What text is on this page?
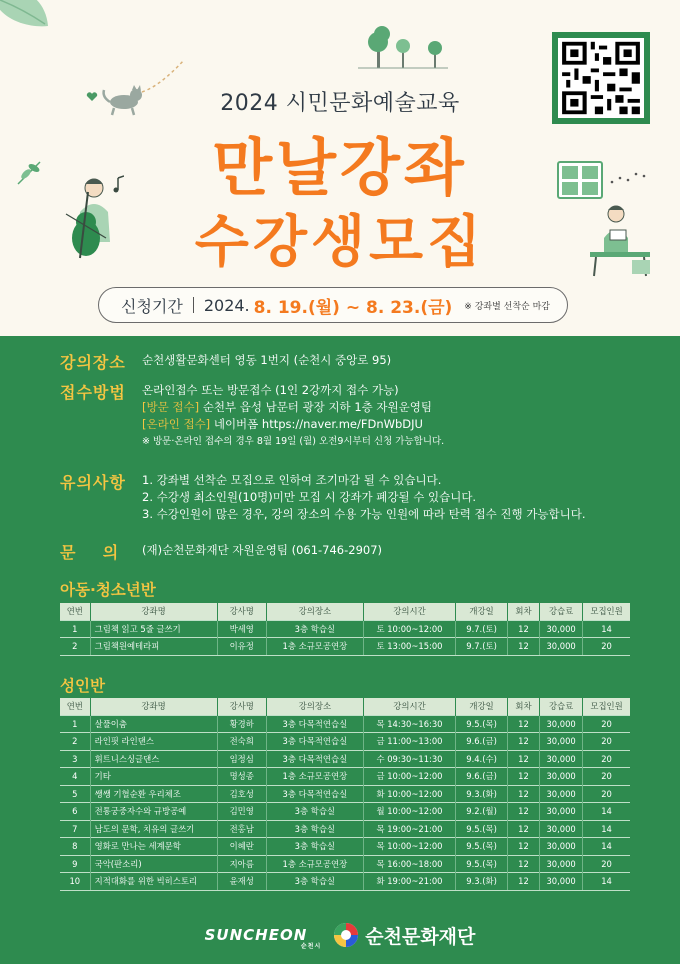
2024 시민문화예술교육
만날강좌
수강생모집
신청기간 2024. 8. 19.(월) ~ 8. 23.(금) ※ 강좌별 선착순 마감
강의장소	순천생활문화센터 영동 1번지 (순천시 중앙로 95)
접수방법	온라인접수 또는 방문접수 (1인 2강까지 접수 가능)
[방문 접수] 순천부 읍성 남문터 광장 지하 1층 자원운영팀
[온라인 접수] 네이버폼 https://naver.me/FDnWbDJU
※ 방문·온라인 접수의 경우 8월 19일 (월) 오전9시부터 신청 가능합니다.
유의사항	1. 강좌별 선착순 모집으로 인하여 조기마감 될 수 있습니다.
2. 수강생 최소인원(10명)미만 모집 시 강좌가 폐강될 수 있습니다.
3. 수강인원이 많은 경우, 강의 장소의 수용 가능 인원에 따라 탄력 접수 진행 가능합니다.
문    의	(재)순천문화재단 자원운영팀 (061-746-2907)
아동·청소년반
연번	강좌명	강사명	강의장소	강의시간	개강일	회차	강습료	모집인원
1	그림책 읽고 5줄 글쓰기	박세영	3층 학습실	토 10:00~12:00	9.7.(토)	12	30,000	14
2	그림책원예테라피	이유정	1층 소규모공연장	토 13:00~15:00	9.7.(토)	12	30,000	20
성인반
연번	강좌명	강사명	강의장소	강의시간	개강일	회차	강습료	모집인원
1	살풀이춤	황경하	3층 다목적연습실	목 14:30~16:30	9.5.(목)	12	30,000	20
2	라인핏 라인댄스	전숙희	3층 다목적연습실	금 11:00~13:00	9.6.(금)	12	30,000	20
3	휘트니스싱글댄스	임정심	3층 다목적연습실	수 09:30~11:30	9.4.(수)	12	30,000	20
4	기타	명성종	1층 소규모공연장	금 10:00~12:00	9.6.(금)	12	30,000	20
5	쌩쌩 기혈순환 우리체조	김호성	3층 다목적연습실	화 10:00~12:00	9.3.(화)	12	30,000	20
6	전통궁중자수와 규방공예	김민영	3층 학습실	월 10:00~12:00	9.2.(월)	12	30,000	14
7	남도의 문학, 치유의 글쓰기	전홍남	3층 학습실	목 19:00~21:00	9.5.(목)	12	30,000	14
8	영화로 만나는 세계문학	이혜란	3층 학습실	목 10:00~12:00	9.5.(목)	12	30,000	14
9	국악(판소리)	지아름	1층 소규모공연장	목 16:00~18:00	9.5.(목)	12	30,000	20
10	지적대화를 위한 빅히스토리	윤재성	3층 학습실	화 19:00~21:00	9.3.(화)	12	30,000	14
SUNCHEON
순천시 순천문화재단
